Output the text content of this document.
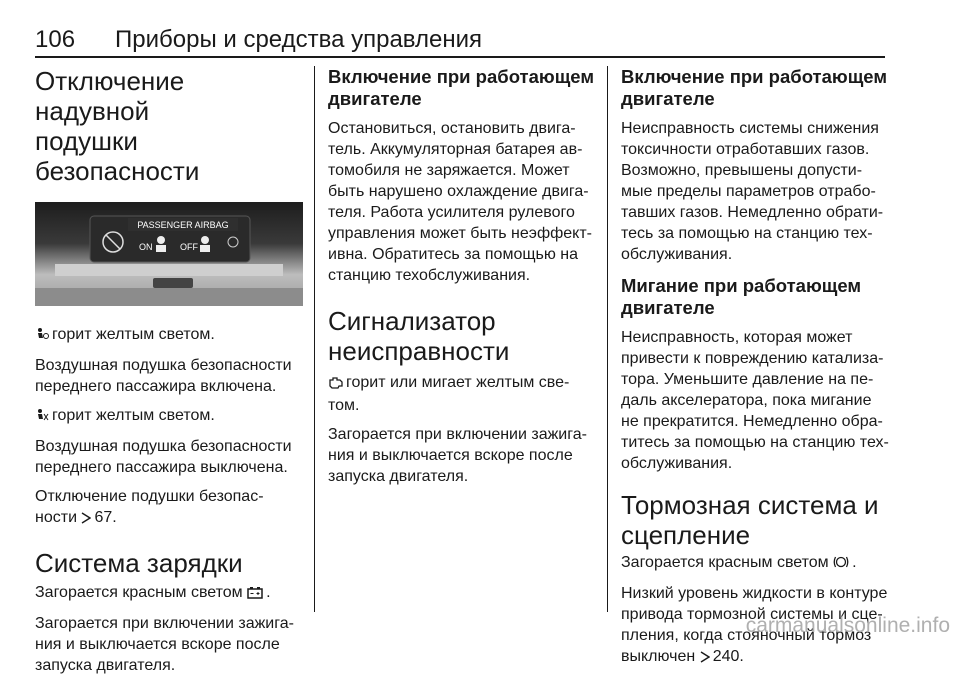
106 Приборы и средства управления
Отключение надувной
подушки безопасности
PASSENGER AIRBAG
ON	OFF
горит желтым светом.
Воздушная подушка безопасности
переднего пассажира включена.
горит желтым светом.
Воздушная подушка безопасности
переднего пассажира выключена.
Отключение подушки безопас-
ности 67.
Система зарядки
Загорается красным светом .
Загорается при включении зажига-
ния и выключается вскоре после
запуска двигателя.
Включение при работающем
двигателе
Остановиться, остановить двига-
тель. Аккумуляторная батарея ав-
томобиля не заряжается. Может
быть нарушено охлаждение двига-
теля. Работа усилителя рулевого
управления может быть неэффект-
ивна. Обратитесь за помощью на
станцию техобслуживания.
Сигнализатор
неисправности
горит или мигает желтым све-
том.
Загорается при включении зажига-
ния и выключается вскоре после
запуска двигателя.
Включение при работающем
двигателе
Неисправность системы снижения
токсичности отработавших газов.
Возможно, превышены допусти-
мые пределы параметров отрабо-
тавших газов. Немедленно обрати-
тесь за помощью на станцию тех-
обслуживания.
Мигание при работающем
двигателе
Неисправность, которая может
привести к повреждению катализа-
тора. Уменьшите давление на пе-
даль акселератора, пока мигание
не прекратится. Немедленно обра-
титесь за помощью на станцию тех-
обслуживания.
Тормозная система и
сцепление
Загорается красным светом .
Низкий уровень жидкости в контуре
привода тормозной системы и сце-
пления, когда стояночный тормоз
выключен 240.
carmanualsonline.info
